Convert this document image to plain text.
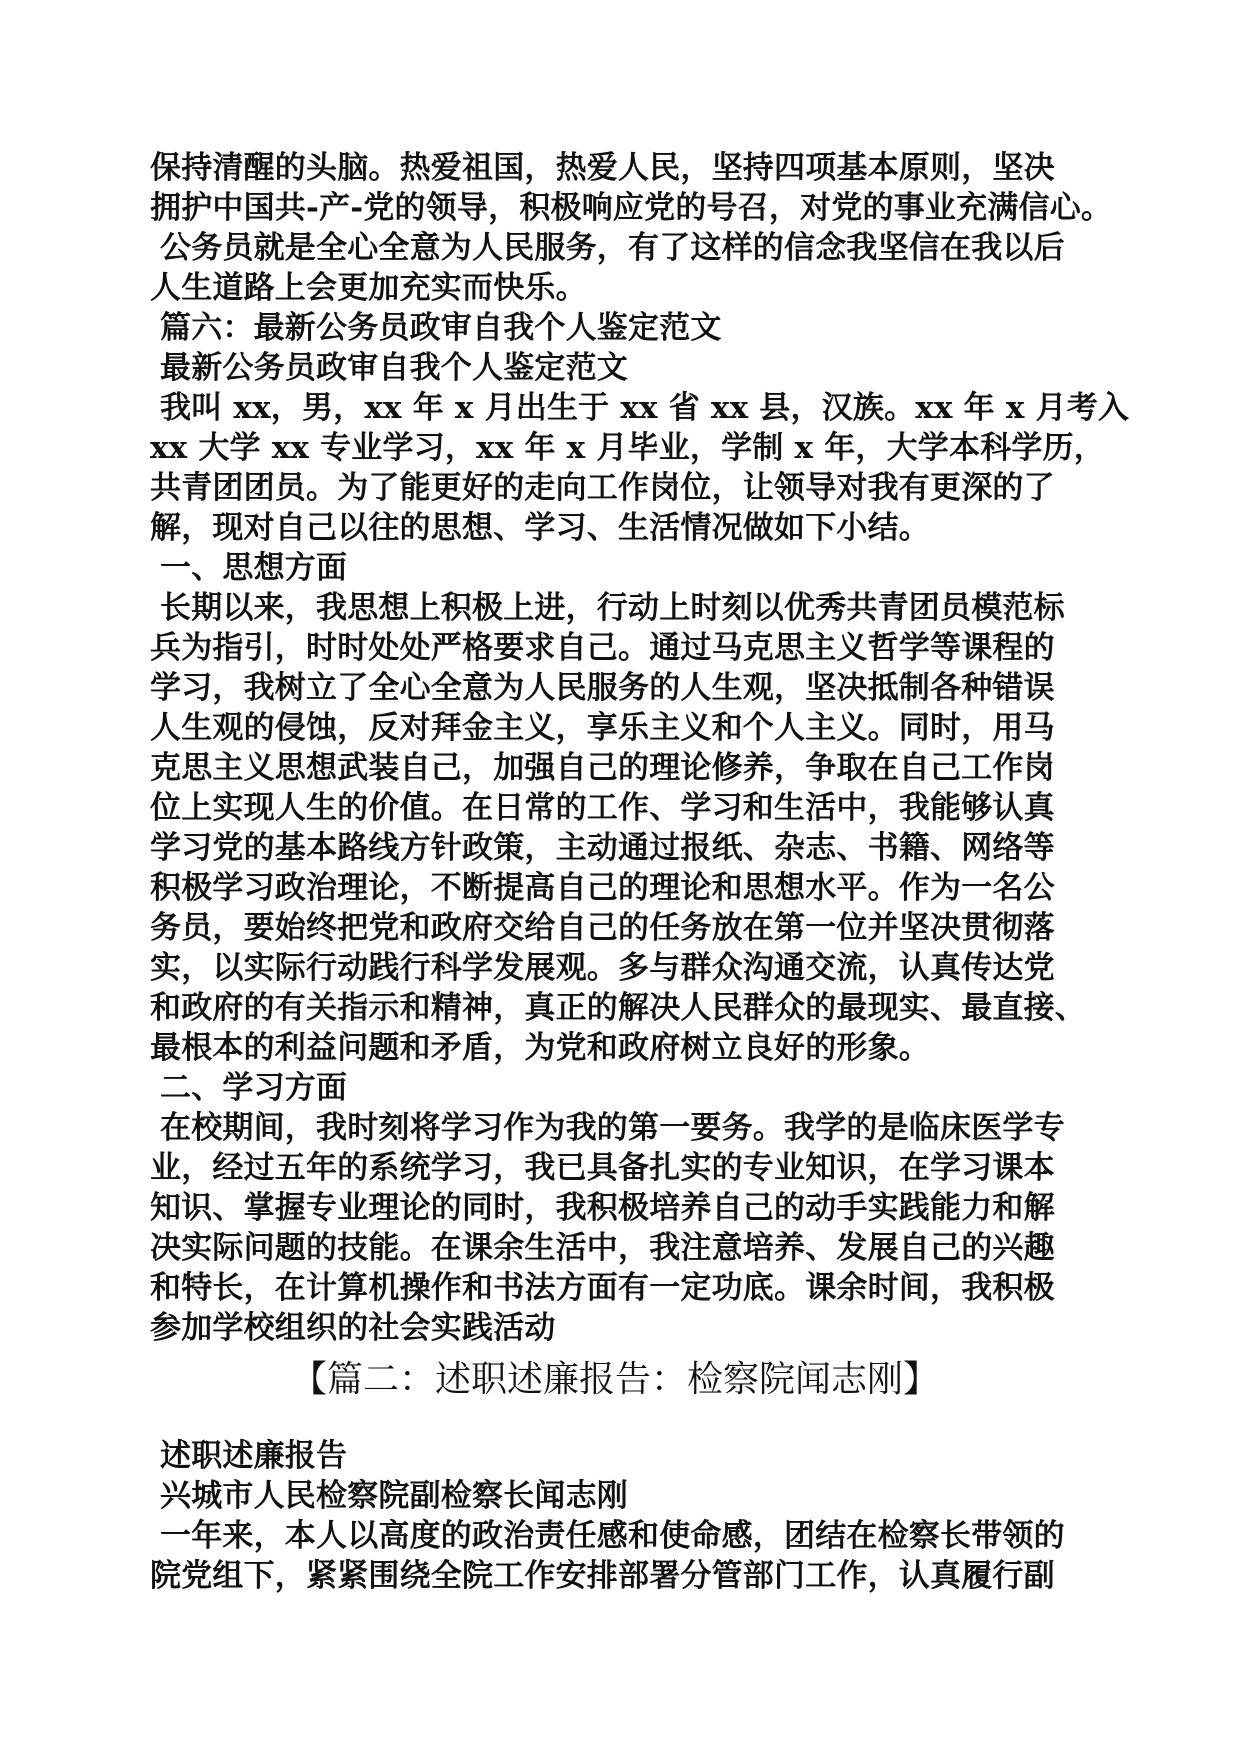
保持清醒的头脑。热爱祖国，热爱人民，坚持四项基本原则，坚决
拥护中国共-产-党的领导，积极响应党的号召，对党的事业充满信心。
公务员就是全心全意为人民服务，有了这样的信念我坚信在我以后
人生道路上会更加充实而快乐。
篇六：最新公务员政审自我个人鉴定范文
最新公务员政审自我个人鉴定范文
我叫 xx，男，xx 年 x 月出生于 xx 省 xx 县，汉族。xx 年 x 月考入
xx 大学 xx 专业学习，xx 年 x 月毕业，学制 x 年，大学本科学历，
共青团团员。为了能更好的走向工作岗位，让领导对我有更深的了
解，现对自己以往的思想、学习、生活情况做如下小结。
一、思想方面
长期以来，我思想上积极上进，行动上时刻以优秀共青团员模范标
兵为指引，时时处处严格要求自己。通过马克思主义哲学等课程的
学习，我树立了全心全意为人民服务的人生观，坚决抵制各种错误
人生观的侵蚀，反对拜金主义，享乐主义和个人主义。同时，用马
克思主义思想武装自己，加强自己的理论修养，争取在自己工作岗
位上实现人生的价值。在日常的工作、学习和生活中，我能够认真
学习党的基本路线方针政策，主动通过报纸、杂志、书籍、网络等
积极学习政治理论，不断提高自己的理论和思想水平。作为一名公
务员，要始终把党和政府交给自己的任务放在第一位并坚决贯彻落
实，以实际行动践行科学发展观。多与群众沟通交流，认真传达党
和政府的有关指示和精神，真正的解决人民群众的最现实、最直接、
最根本的利益问题和矛盾，为党和政府树立良好的形象。
二、学习方面
在校期间，我时刻将学习作为我的第一要务。我学的是临床医学专
业，经过五年的系统学习，我已具备扎实的专业知识，在学习课本
知识、掌握专业理论的同时，我积极培养自己的动手实践能力和解
决实际问题的技能。在课余生活中，我注意培养、发展自己的兴趣
和特长，在计算机操作和书法方面有一定功底。课余时间，我积极
参加学校组织的社会实践活动
【篇二：述职述廉报告：检察院闻志刚】
述职述廉报告
兴城市人民检察院副检察长闻志刚
一年来，本人以高度的政治责任感和使命感，团结在检察长带领的
院党组下，紧紧围绕全院工作安排部署分管部门工作，认真履行副
